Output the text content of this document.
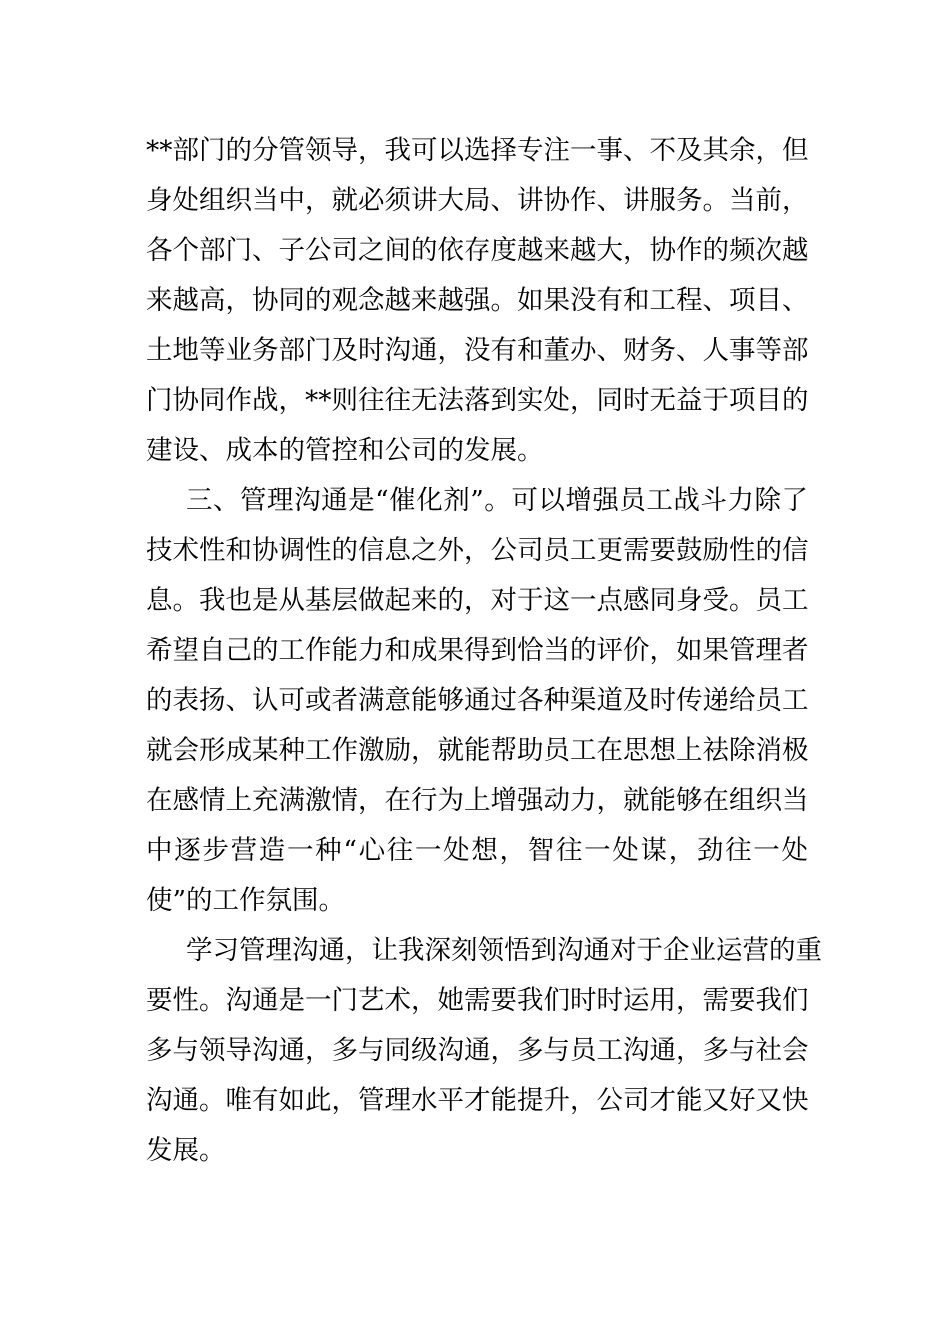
**部门的分管领导，我可以选择专注一事、不及其余，但
身处组织当中，就必须讲大局、讲协作、讲服务。当前，
各个部门、子公司之间的依存度越来越大，协作的频次越
来越高，协同的观念越来越强。如果没有和工程、项目、
土地等业务部门及时沟通，没有和董办、财务、人事等部
门协同作战，**则往往无法落到实处，同时无益于项目的
建设、成本的管控和公司的发展。
三、管理沟通是“催化剂”。可以增强员工战斗力除了
技术性和协调性的信息之外，公司员工更需要鼓励性的信
息。我也是从基层做起来的，对于这一点感同身受。员工
希望自己的工作能力和成果得到恰当的评价，如果管理者
的表扬、认可或者满意能够通过各种渠道及时传递给员工
就会形成某种工作激励，就能帮助员工在思想上祛除消极
在感情上充满激情，在行为上增强动力，就能够在组织当
中逐步营造一种“心往一处想，智往一处谋，劲往一处
使”的工作氛围。
学习管理沟通，让我深刻领悟到沟通对于企业运营的重
要性。沟通是一门艺术，她需要我们时时运用，需要我们
多与领导沟通，多与同级沟通，多与员工沟通，多与社会
沟通。唯有如此，管理水平才能提升，公司才能又好又快
发展。
